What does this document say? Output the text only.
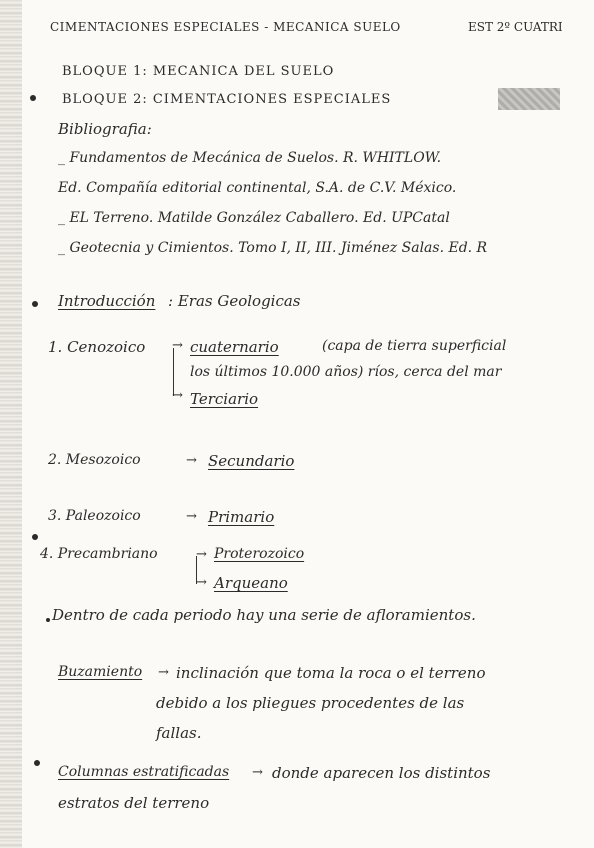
CIMENTACIONES ESPECIALES - MECANICA SUELO	EST 2º CUATRI
BLOQUE 1: MECANICA DEL SUELO
BLOQUE 2: CIMENTACIONES ESPECIALES
Bibliografia:
_ Fundamentos de Mecánica de Suelos. R. WHITLOW.
Ed. Compañía editorial continental, S.A. de C.V. México.
_ EL Terreno. Matilde González Caballero. Ed. UPCatal
_ Geotecnia y Cimientos. Tomo I, II, III. Jiménez Salas. Ed. R
Introducción : Eras Geologicas
1. Cenozoico →
→
cuaternario	(capa de tierra superficial
los últimos 10.000 años) ríos, cerca del mar
Terciario
2. Mesozoico	→ Secundario
3. Paleozoico	→ Primario
4. Precambriano	→
→
Proterozoico
Arqueano
Dentro de cada periodo hay una serie de afloramientos.
Buzamiento → inclinación que toma la roca o el terreno
debido a los pliegues procedentes de las
fallas.
Columnas estratificadas → donde aparecen los distintos
estratos del terreno
